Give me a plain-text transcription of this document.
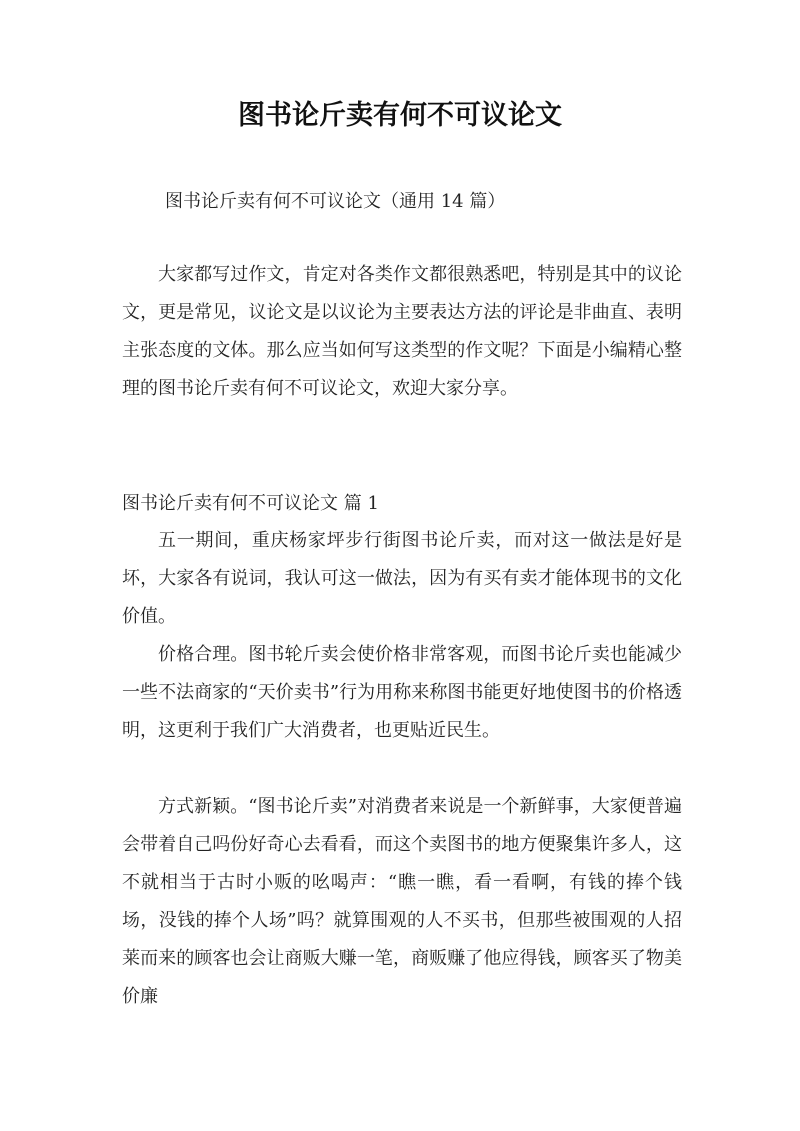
图书论斤卖有何不可议论文

图书论斤卖有何不可议论文（通用 14 篇）

大家都写过作文，肯定对各类作文都很熟悉吧，特别是其中的议论文，更是常见，议论文是以议论为主要表达方法的评论是非曲直、表明主张态度的文体。那么应当如何写这类型的作文呢？下面是小编精心整理的图书论斤卖有何不可议论文，欢迎大家分享。

图书论斤卖有何不可议论文 篇 1

五一期间，重庆杨家坪步行街图书论斤卖，而对这一做法是好是坏，大家各有说词，我认可这一做法，因为有买有卖才能体现书的文化价值。

价格合理。图书轮斤卖会使价格非常客观，而图书论斤卖也能减少一些不法商家的“天价卖书”行为用称来称图书能更好地使图书的价格透明，这更利于我们广大消费者，也更贴近民生。

方式新颖。“图书论斤卖”对消费者来说是一个新鲜事，大家便普遍会带着自己吗份好奇心去看看，而这个卖图书的地方便聚集许多人，这不就相当于古时小贩的吆喝声：“瞧一瞧，看一看啊，有钱的捧个钱场，没钱的捧个人场”吗？就算围观的人不买书，但那些被围观的人招莱而来的顾客也会让商贩大赚一笔，商贩赚了他应得钱，顾客买了物美价廉
